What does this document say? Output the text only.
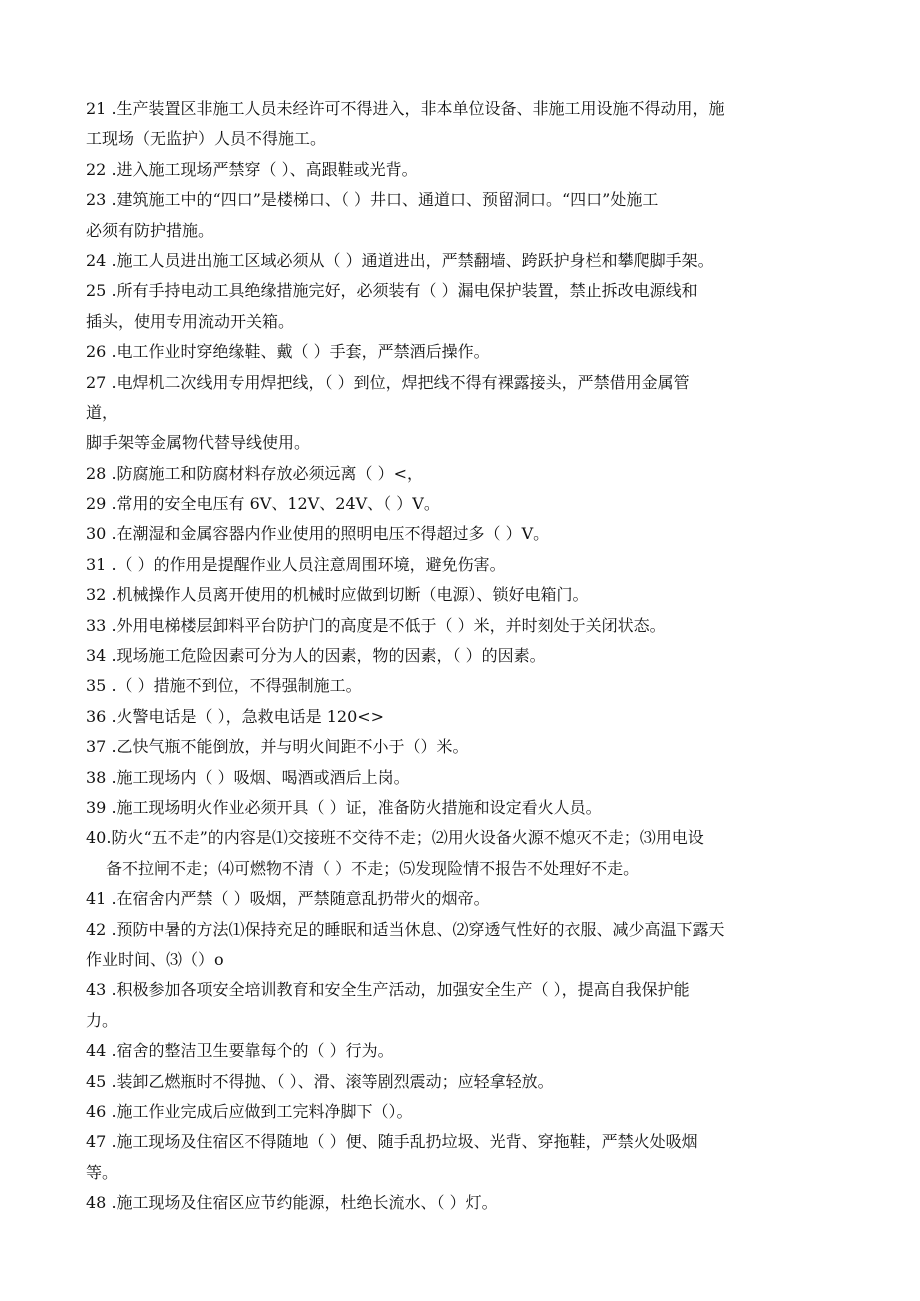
21 .生产装置区非施工人员未经许可不得进入，非本单位设备、非施工用设施不得动用，施
工现场（无监护）人员不得施工。
22 .进入施工现场严禁穿（ ）、高跟鞋或光背。
23 .建筑施工中的“四口”是楼梯口、（ ）井口、通道口、预留洞口。“四口”处施工
必须有防护措施。
24 .施工人员进出施工区域必须从（ ）通道进出，严禁翻墙、跨跃护身栏和攀爬脚手架。
25 .所有手持电动工具绝缘措施完好，必须装有（ ）漏电保护装置，禁止拆改电源线和
插头，使用专用流动开关箱。
26 .电工作业时穿绝缘鞋、戴（ ）手套，严禁酒后操作。
27 .电焊机二次线用专用焊把线，（ ）到位，焊把线不得有裸露接头，严禁借用金属管
道，
脚手架等金属物代替导线使用。
28 .防腐施工和防腐材料存放必须远离（ ）<，
29 .常用的安全电压有 6V、12V、24V、（ ）V。
30 .在潮湿和金属容器内作业使用的照明电压不得超过多（ ）V。
31 .（ ）的作用是提醒作业人员注意周围环境，避免伤害。
32 .机械操作人员离开使用的机械时应做到切断（电源）、锁好电箱门。
33 .外用电梯楼层卸料平台防护门的高度是不低于（ ）米，并时刻处于关闭状态。
34 .现场施工危险因素可分为人的因素，物的因素，（ ）的因素。
35 .（ ）措施不到位，不得强制施工。
36 .火警电话是（ ），急救电话是 120<>
37 .乙快气瓶不能倒放，并与明火间距不小于（）米。
38 .施工现场内（ ）吸烟、喝酒或酒后上岗。
39 .施工现场明火作业必须开具（ ）证，准备防火措施和设定看火人员。
40.防火“五不走”的内容是⑴交接班不交待不走；⑵用火设备火源不熄灭不走；⑶用电设
备不拉闸不走；⑷可燃物不清（ ）不走；⑸发现险情不报告不处理好不走。
41 .在宿舍内严禁（ ）吸烟，严禁随意乱扔带火的烟帝。
42 .预防中暑的方法⑴保持充足的睡眠和适当休息、⑵穿透气性好的衣服、减少高温下露天
作业时间、⑶（）o
43 .积极参加各项安全培训教育和安全生产活动，加强安全生产（ ），提高自我保护能
力。
44 .宿舍的整洁卫生要靠每个的（ ）行为。
45 .装卸乙燃瓶时不得抛、（ ）、滑、滚等剧烈震动；应轻拿轻放。
46 .施工作业完成后应做到工完料净脚下（）。
47 .施工现场及住宿区不得随地（ ）便、随手乱扔垃圾、光背、穿拖鞋，严禁火处吸烟
等。
48 .施工现场及住宿区应节约能源，杜绝长流水、（ ）灯。
